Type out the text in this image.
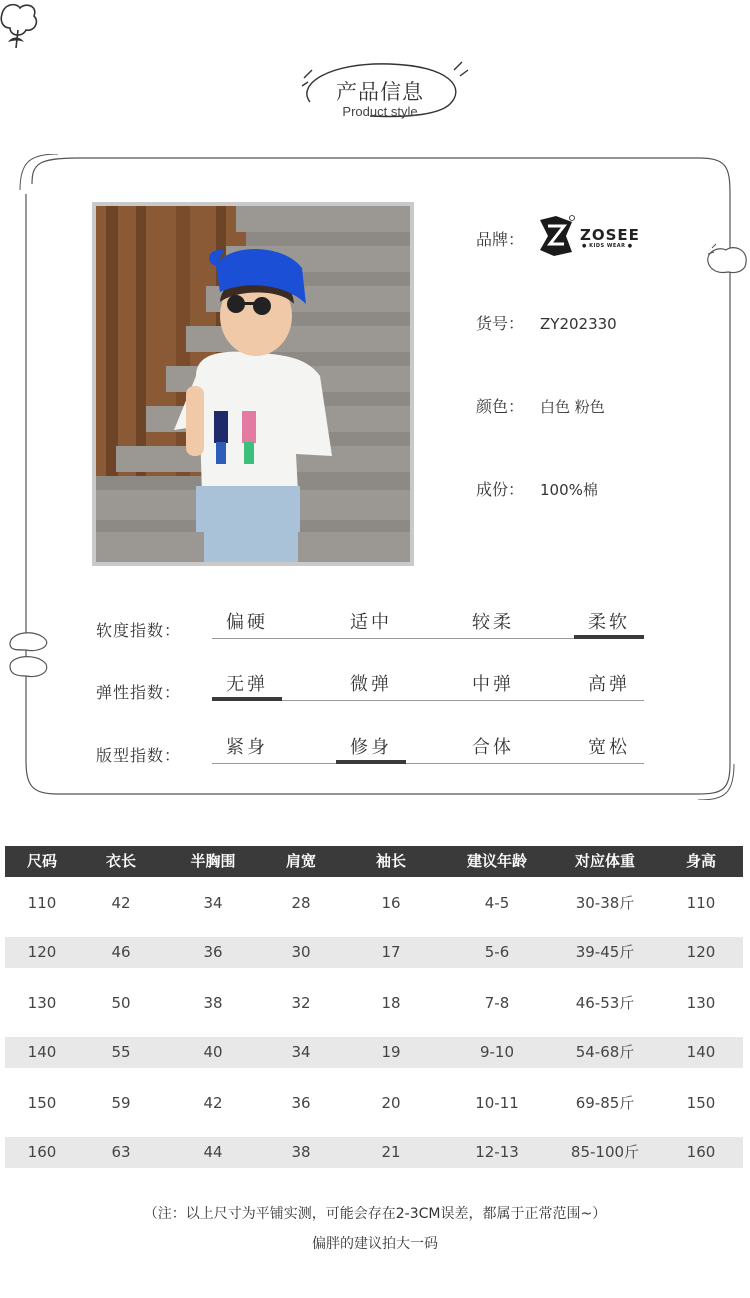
产品信息
Product style
品牌：	ZOSEE
● KIDS WEAR ●
货号： ZY202330
颜色： 白色 粉色
成份： 100%棉
软度指数：	偏硬	适中	较柔	柔软
弹性指数：	无弹	微弹	中弹	高弹
版型指数：	紧身	修身	合体	宽松
尺码	衣长	半胸围	肩宽	袖长	建议年龄	对应体重	身高
110	42	34	28	16	4-5	30-38斤	110
120	46	36	30	17	5-6	39-45斤	120
130	50	38	32	18	7-8	46-53斤	130
140	55	40	34	19	9-10	54-68斤	140
150	59	42	36	20	10-11	69-85斤	150
160	63	44	38	21	12-13	85-100斤	160
（注：以上尺寸为平铺实测，可能会存在2-3CM误差，都属于正常范围~）
偏胖的建议拍大一码
